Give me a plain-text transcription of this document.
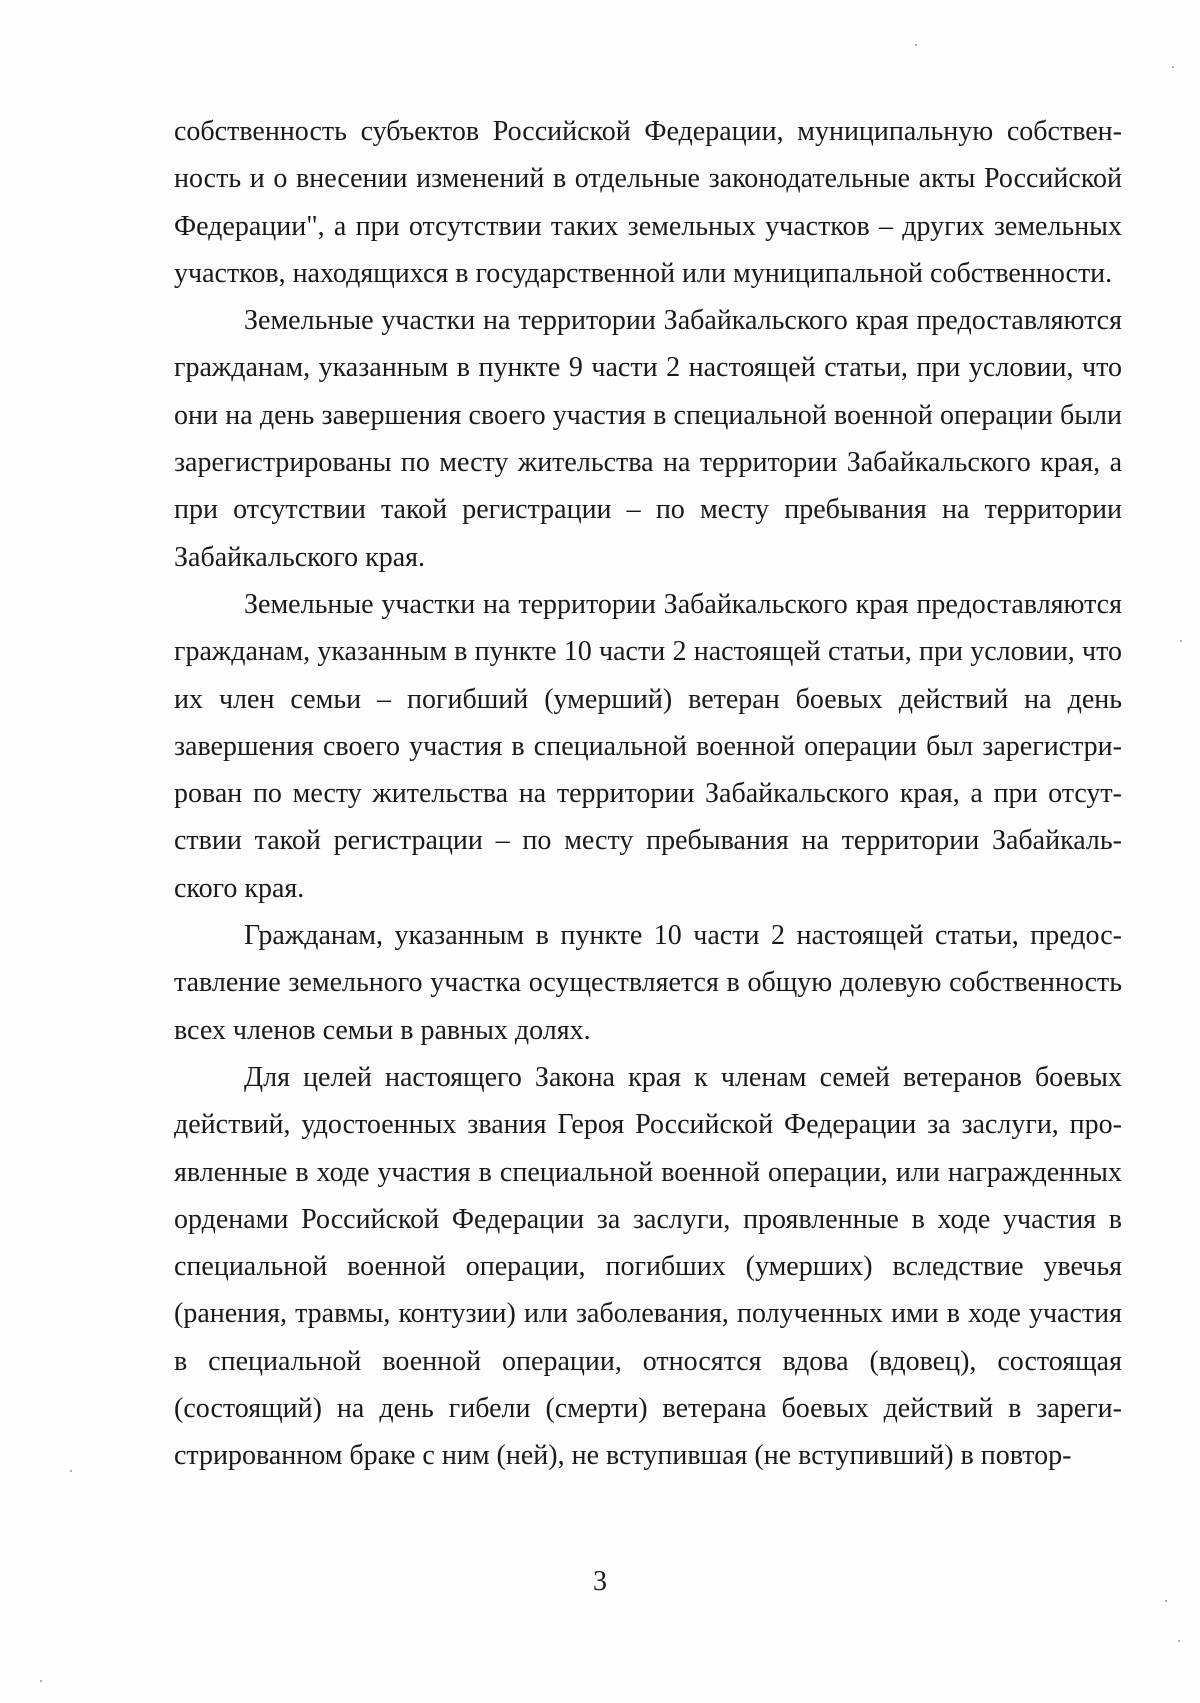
собственность субъектов Российской Федерации, муниципальную собственность и о внесении изменений в отдельные законодательные акты Российской Федерации", а при отсутствии таких земельных участков – других земельных участков, находящихся в государственной или муниципальной собственности.

Земельные участки на территории Забайкальского края предоставляются гражданам, указанным в пункте 9 части 2 настоящей статьи, при условии, что они на день завершения своего участия в специальной военной операции были зарегистрированы по месту жительства на территории Забайкальского края, а при отсутствии такой регистрации – по месту пребывания на территории Забайкальского края.

Земельные участки на территории Забайкальского края предоставляются гражданам, указанным в пункте 10 части 2 настоящей статьи, при условии, что их член семьи – погибший (умерший) ветеран боевых действий на день завершения своего участия в специальной военной операции был зарегистрирован по месту жительства на территории Забайкальского края, а при отсутствии такой регистрации – по месту пребывания на территории Забайкальского края.

Гражданам, указанным в пункте 10 части 2 настоящей статьи, предоставление земельного участка осуществляется в общую долевую собственность всех членов семьи в равных долях.

Для целей настоящего Закона края к членам семей ветеранов боевых действий, удостоенных звания Героя Российской Федерации за заслуги, проявленные в ходе участия в специальной военной операции, или награжденных орденами Российской Федерации за заслуги, проявленные в ходе участия в специальной военной операции, погибших (умерших) вследствие увечья (ранения, травмы, контузии) или заболевания, полученных ими в ходе участия в специальной военной операции, относятся вдова (вдовец), состоящая (состоящий) на день гибели (смерти) ветерана боевых действий в зарегистрированном браке с ним (ней), не вступившая (не вступивший) в повтор-

3
